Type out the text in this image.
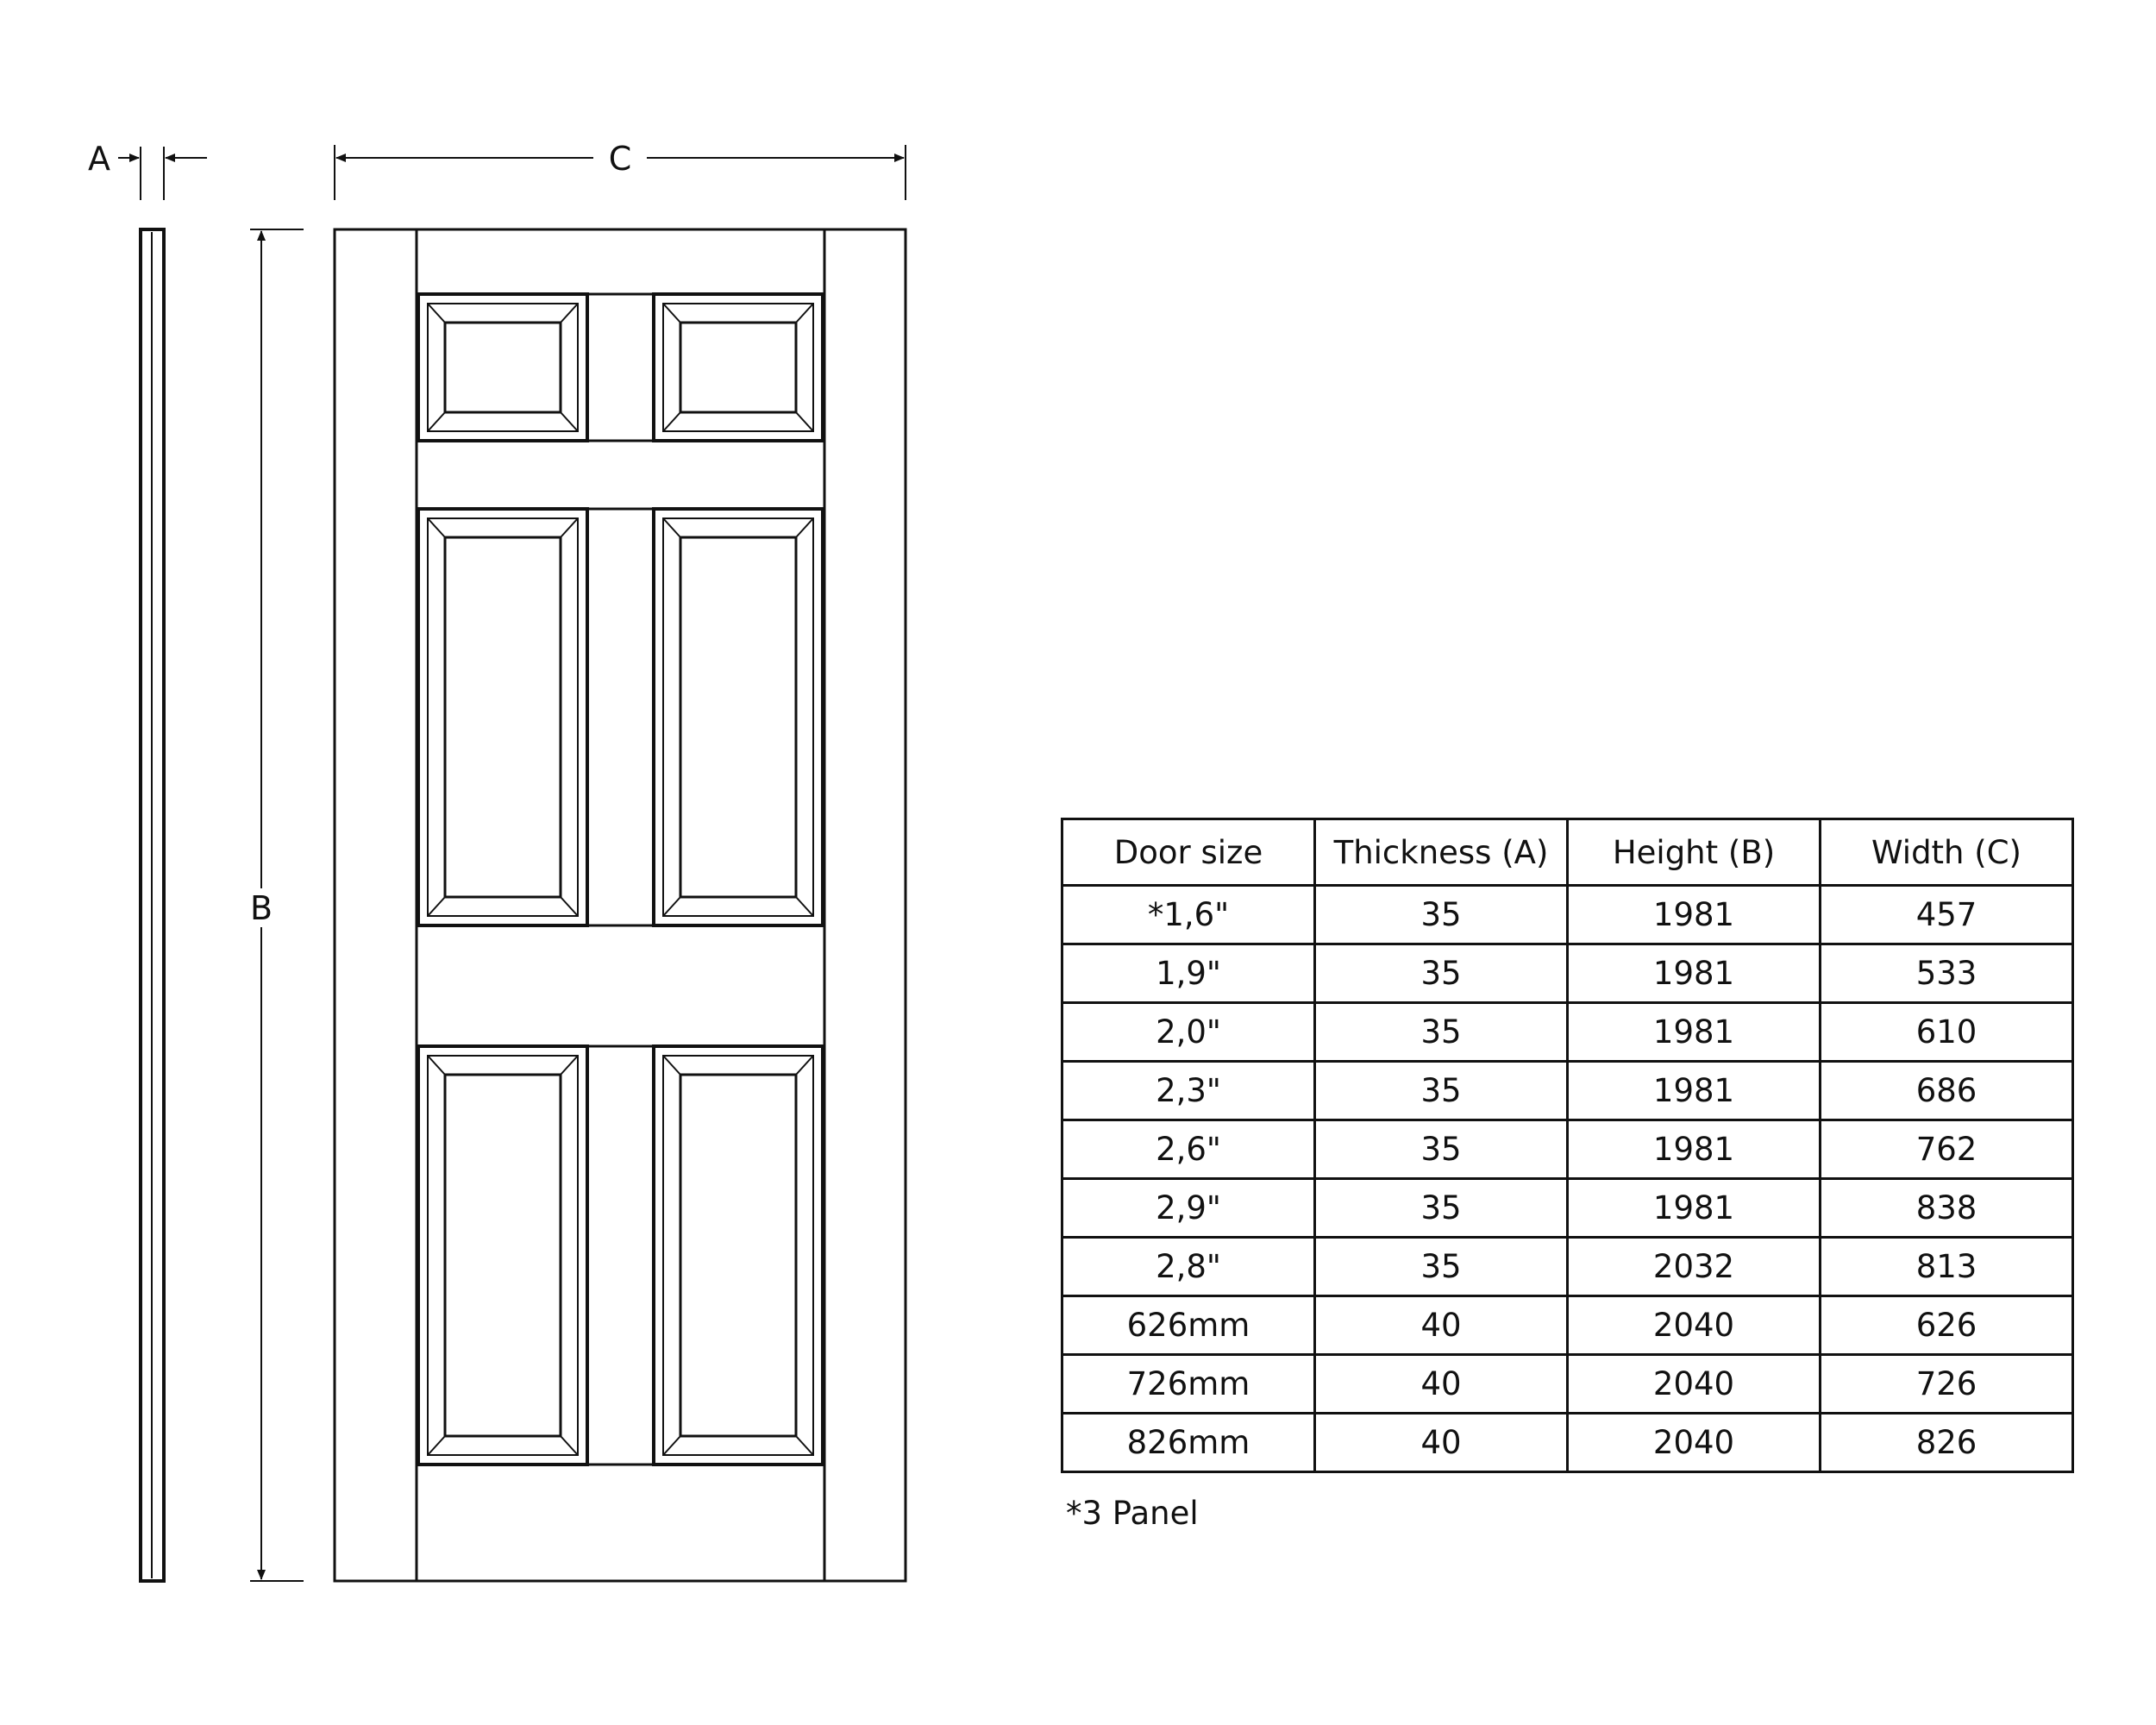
A
B
C
Door size	Thickness (A)	Height (B)	Width (C)
*1,6"	35	1981	457
1,9"	35	1981	533
2,0"	35	1981	610
2,3"	35	1981	686
2,6"	35	1981	762
2,9"	35	1981	838
2,8"	35	2032	813
626mm	40	2040	626
726mm	40	2040	726
826mm	40	2040	826
*3 Panel
